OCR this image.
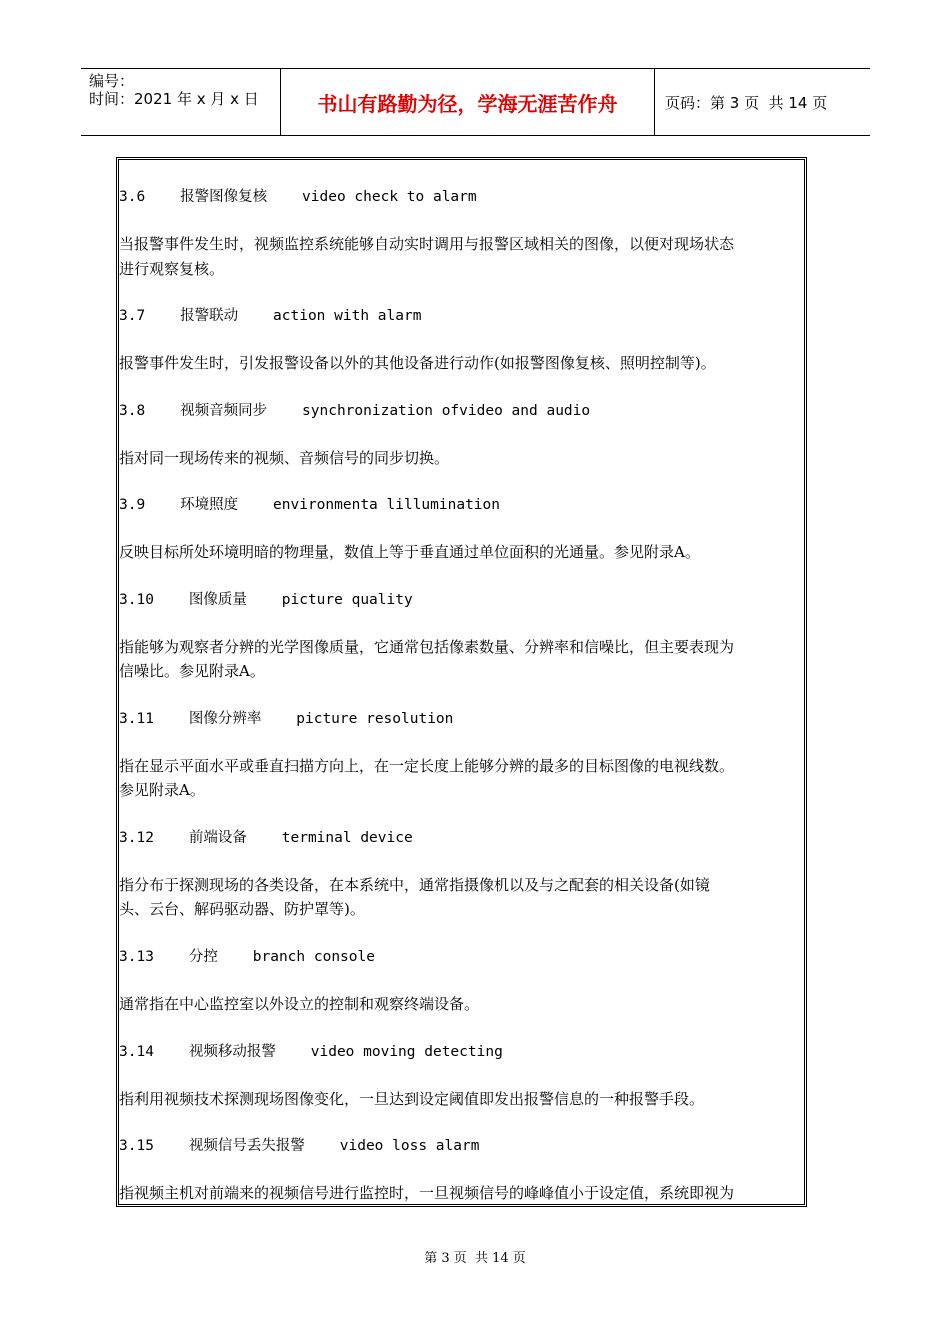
编号：
时间：2021 年 x 月 x 日	书山有路勤为径，学海无涯苦作舟	页码：第 3 页  共 14 页
3.6    报警图像复核    video check to alarm
当报警事件发生时，视频监控系统能够自动实时调用与报警区域相关的图像，以便对现场状态
进行观察复核。
3.7    报警联动    action with alarm
报警事件发生时，引发报警设备以外的其他设备进行动作(如报警图像复核、照明控制等)。
3.8    视频音频同步    synchronization ofvideo and audio
指对同一现场传来的视频、音频信号的同步切换。
3.9    环境照度    environmenta lillumination
反映目标所处环境明暗的物理量，数值上等于垂直通过单位面积的光通量。参见附录A。
3.10    图像质量    picture quality
指能够为观察者分辨的光学图像质量，它通常包括像素数量、分辨率和信噪比，但主要表现为
信噪比。参见附录A。
3.11    图像分辨率    picture resolution
指在显示平面水平或垂直扫描方向上，在一定长度上能够分辨的最多的目标图像的电视线数。
参见附录A。
3.12    前端设备    terminal device
指分布于探测现场的各类设备，在本系统中，通常指摄像机以及与之配套的相关设备(如镜
头、云台、解码驱动器、防护罩等)。
3.13    分控    branch console
通常指在中心监控室以外设立的控制和观察终端设备。
3.14    视频移动报警    video moving detecting
指利用视频技术探测现场图像变化，一旦达到设定阈值即发出报警信息的一种报警手段。
3.15    视频信号丢失报警    video loss alarm
指视频主机对前端来的视频信号进行监控时，一旦视频信号的峰峰值小于设定值，系统即视为
第 3 页  共 14 页
